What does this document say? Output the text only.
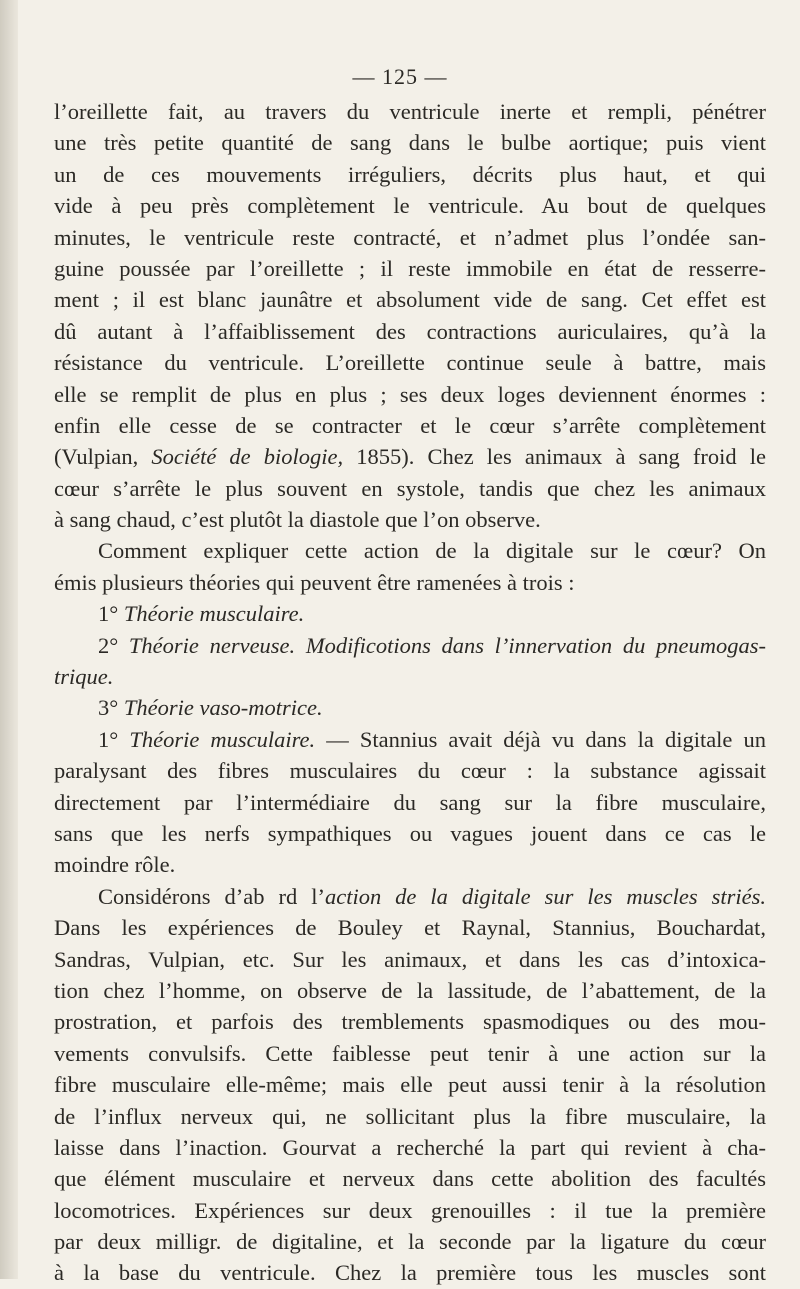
— 125 —
l’oreillette fait, au travers du ventricule inerte et rempli, pénétrer
une très petite quantité de sang dans le bulbe aortique; puis vient
un de ces mouvements irréguliers, décrits plus haut, et qui
vide à peu près complètement le ventricule. Au bout de quelques
minutes, le ventricule reste contracté, et n’admet plus l’ondée san-
guine poussée par l’oreillette ; il reste immobile en état de resserre-
ment ; il est blanc jaunâtre et absolument vide de sang. Cet effet est
dû autant à l’affaiblissement des contractions auriculaires, qu’à la
résistance du ventricule. L’oreillette continue seule à battre, mais
elle se remplit de plus en plus ; ses deux loges deviennent énormes :
enfin elle cesse de se contracter et le cœur s’arrête complètement
(Vulpian, Société de biologie, 1855). Chez les animaux à sang froid le
cœur s’arrête le plus souvent en systole, tandis que chez les animaux
à sang chaud, c’est plutôt la diastole que l’on observe.
Comment expliquer cette action de la digitale sur le cœur? On
émis plusieurs théories qui peuvent être ramenées à trois :
1° Théorie musculaire.
2° Théorie nerveuse. Modificotions dans l’innervation du pneumogas-
trique.
3° Théorie vaso-motrice.
1° Théorie musculaire. — Stannius avait déjà vu dans la digitale un
paralysant des fibres musculaires du cœur : la substance agissait
directement par l’intermédiaire du sang sur la fibre musculaire,
sans que les nerfs sympathiques ou vagues jouent dans ce cas le
moindre rôle.
Considérons d’ab rd l’action de la digitale sur les muscles striés.
Dans les expériences de Bouley et Raynal, Stannius, Bouchardat,
Sandras, Vulpian, etc. Sur les animaux, et dans les cas d’intoxica-
tion chez l’homme, on observe de la lassitude, de l’abattement, de la
prostration, et parfois des tremblements spasmodiques ou des mou-
vements convulsifs. Cette faiblesse peut tenir à une action sur la
fibre musculaire elle-même; mais elle peut aussi tenir à la résolution
de l’influx nerveux qui, ne sollicitant plus la fibre musculaire, la
laisse dans l’inaction. Gourvat a recherché la part qui revient à cha-
que élément musculaire et nerveux dans cette abolition des facultés
locomotrices. Expériences sur deux grenouilles : il tue la première
par deux milligr. de digitaline, et la seconde par la ligature du cœur
à la base du ventricule. Chez la première tous les muscles sont
